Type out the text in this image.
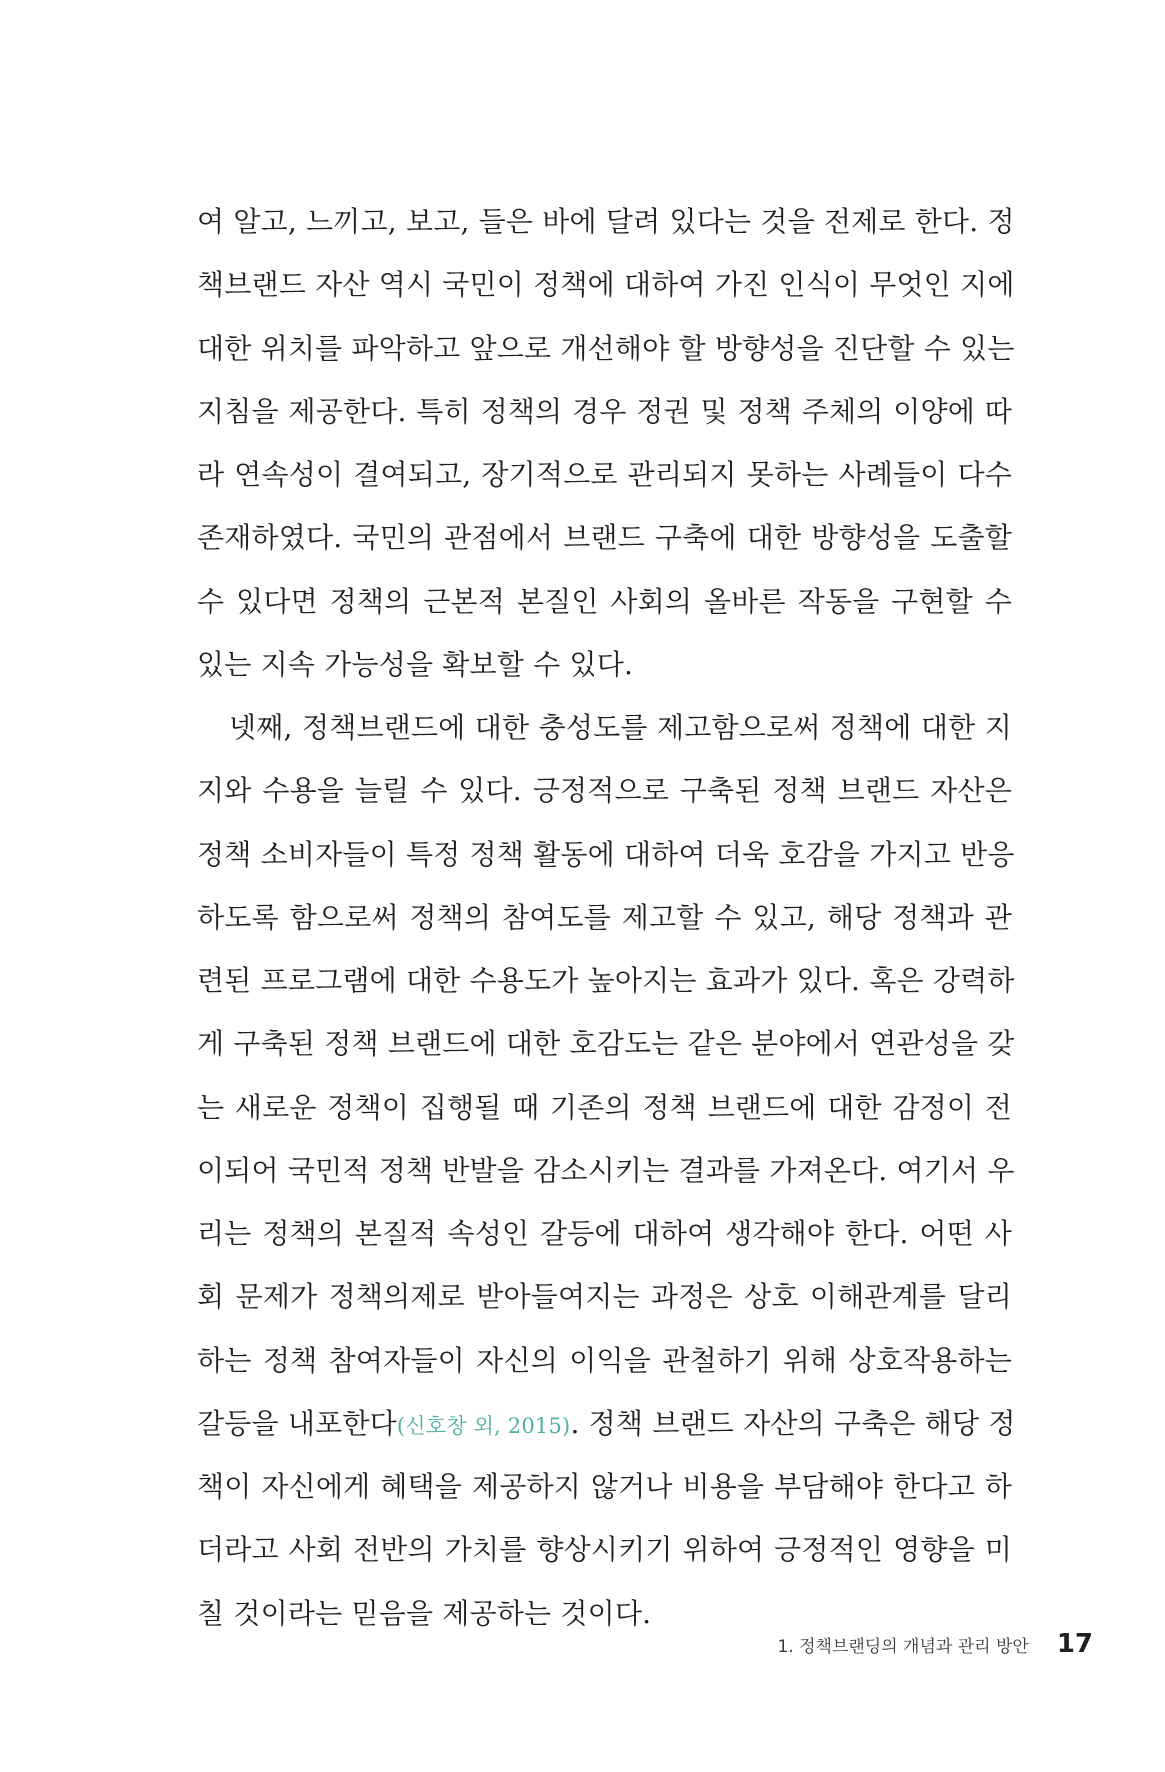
여 알고, 느끼고, 보고, 들은 바에 달려 있다는 것을 전제로 한다. 정
책브랜드 자산 역시 국민이 정책에 대하여 가진 인식이 무엇인 지에
대한 위치를 파악하고 앞으로 개선해야 할 방향성을 진단할 수 있는
지침을 제공한다. 특히 정책의 경우 정권 및 정책 주체의 이양에 따
라 연속성이 결여되고, 장기적으로 관리되지 못하는 사례들이 다수
존재하였다. 국민의 관점에서 브랜드 구축에 대한 방향성을 도출할
수 있다면 정책의 근본적 본질인 사회의 올바른 작동을 구현할 수
있는 지속 가능성을 확보할 수 있다.
넷째, 정책브랜드에 대한 충성도를 제고함으로써 정책에 대한 지
지와 수용을 늘릴 수 있다. 긍정적으로 구축된 정책 브랜드 자산은
정책 소비자들이 특정 정책 활동에 대하여 더욱 호감을 가지고 반응
하도록 함으로써 정책의 참여도를 제고할 수 있고, 해당 정책과 관
련된 프로그램에 대한 수용도가 높아지는 효과가 있다. 혹은 강력하
게 구축된 정책 브랜드에 대한 호감도는 같은 분야에서 연관성을 갖
는 새로운 정책이 집행될 때 기존의 정책 브랜드에 대한 감정이 전
이되어 국민적 정책 반발을 감소시키는 결과를 가져온다. 여기서 우
리는 정책의 본질적 속성인 갈등에 대하여 생각해야 한다. 어떤 사
회 문제가 정책의제로 받아들여지는 과정은 상호 이해관계를 달리
하는 정책 참여자들이 자신의 이익을 관철하기 위해 상호작용하는
갈등을 내포한다(신호창 외, 2015). 정책 브랜드 자산의 구축은 해당 정
책이 자신에게 혜택을 제공하지 않거나 비용을 부담해야 한다고 하
더라고 사회 전반의 가치를 향상시키기 위하여 긍정적인 영향을 미
칠 것이라는 믿음을 제공하는 것이다.
1. 정책브랜딩의 개념과 관리 방안 17
